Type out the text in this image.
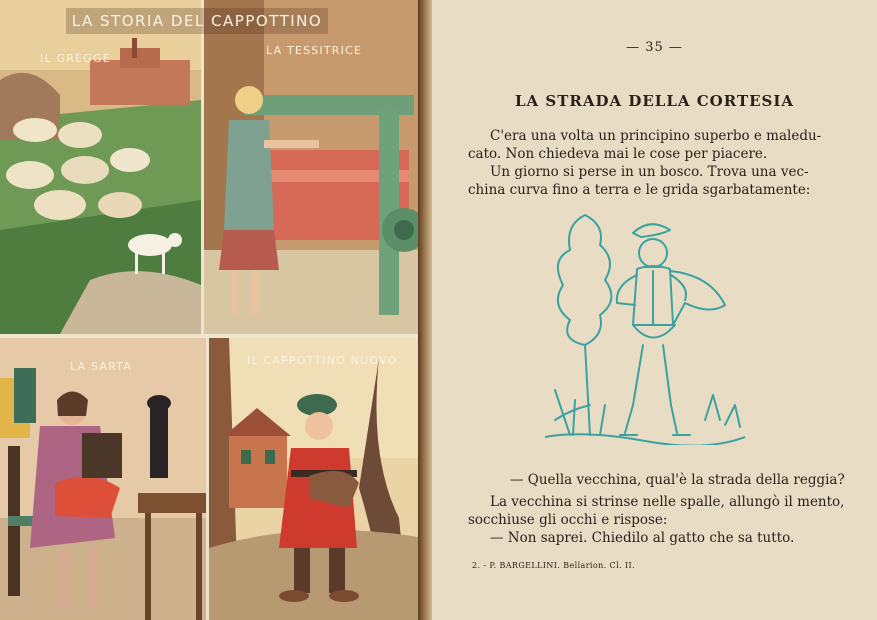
LA STORIA DEL CAPPOTTINO
IL GREGGE
LA TESSITRICE
LA SARTA	IL CAPPOTTINO NUOVO
— 35 —
LA STRADA DELLA CORTESIA
C'era una volta un principino superbo e maledu-
cato. Non chiedeva mai le cose per piacere.
Un giorno si perse in un bosco. Trova una vec-
china curva fino a terra e le grida sgarbatamente:
— Quella vecchina, qual'è la strada della reggia?
La vecchina si strinse nelle spalle, allungò il mento,
socchiuse gli occhi e rispose:
— Non saprei. Chiedilo al gatto che sa tutto.
2. - P. BARGELLINI. Bellarion. Cl. II.
